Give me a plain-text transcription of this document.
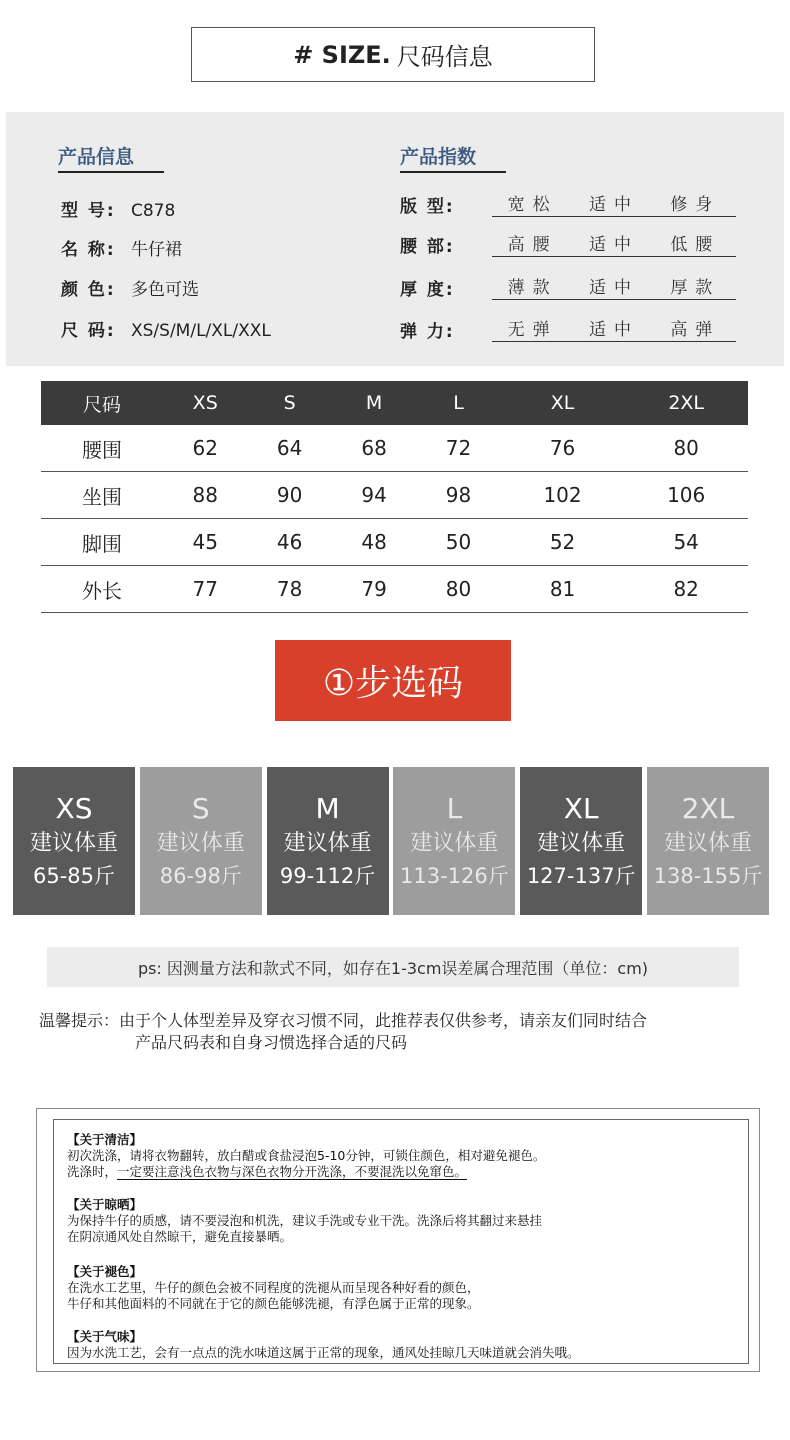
# SIZE. 尺码信息
产品信息	产品指数
型 号: C878
名 称: 牛仔裙
颜 色: 多色可选
尺 码: XS/S/M/L/XL/XXL
版 型:	宽松	适中	修身
腰 部:	高腰	适中	低腰
厚 度:	薄款	适中	厚款
弹 力:	无弹	适中	高弹
尺码	XS	S	M	L	XL	2XL
腰围	62	64	68	72	76	80
坐围	88	90	94	98	102	106
脚围	45	46	48	50	52	54
外长	77	78	79	80	81	82
①步选码
XS
建议体重
65-85斤
S
建议体重
86-98斤
M
建议体重
99-112斤
L
建议体重
113-126斤
XL
建议体重
127-137斤
2XL
建议体重
138-155斤
ps: 因测量方法和款式不同，如存在1-3cm误差属合理范围（单位：cm)
温馨提示：由于个人体型差异及穿衣习惯不同，此推荐表仅供参考，请亲友们同时结合
产品尺码表和自身习惯选择合适的尺码
【关于清洁】
初次洗涤，请将衣物翻转，放白醋或食盐浸泡5-10分钟，可锁住颜色，相对避免褪色。
洗涤时，一定要注意浅色衣物与深色衣物分开洗涤，不要混洗以免窜色。
【关于晾晒】
为保持牛仔的质感，请不要浸泡和机洗，建议手洗或专业干洗。洗涤后将其翻过来悬挂
在阴凉通风处自然晾干，避免直接暴晒。
【关于褪色】
在洗水工艺里，牛仔的颜色会被不同程度的洗褪从而呈现各种好看的颜色，
牛仔和其他面料的不同就在于它的颜色能够洗褪，有浮色属于正常的现象。
【关于气味】
因为水洗工艺，会有一点点的洗水味道这属于正常的现象，通风处挂晾几天味道就会消失哦。
